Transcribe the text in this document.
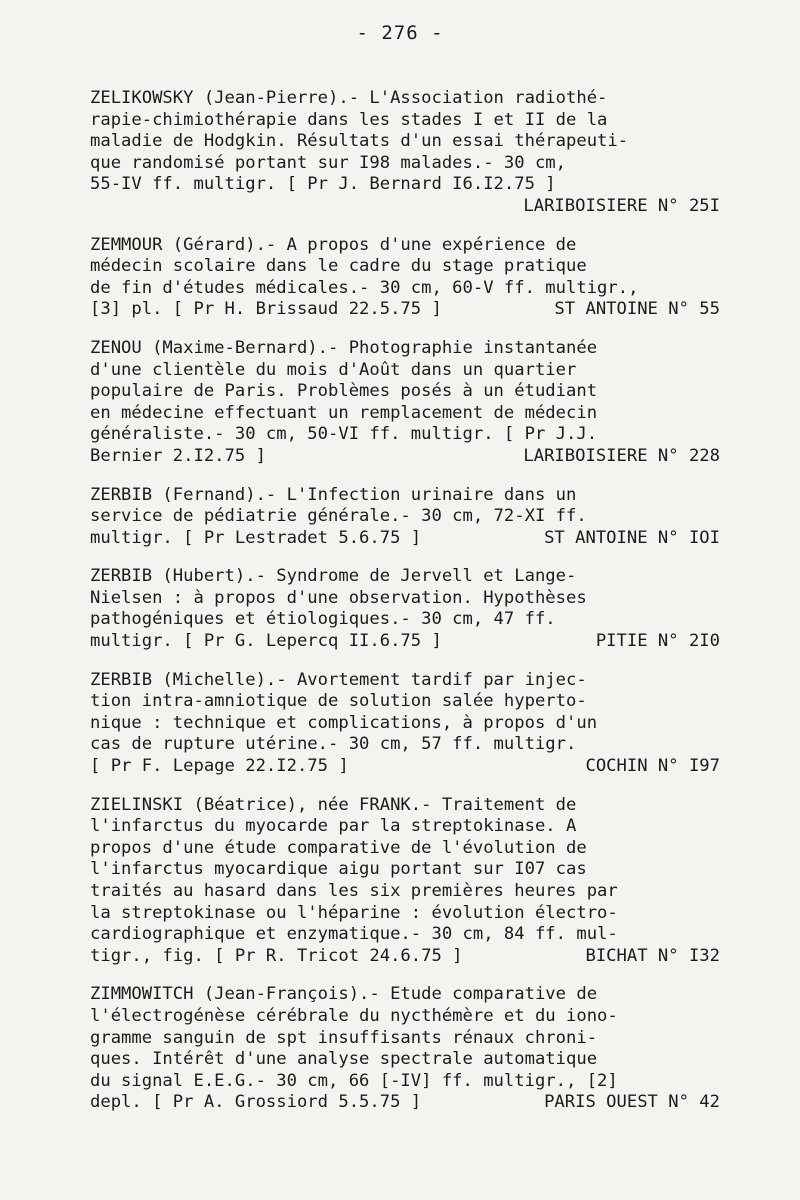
- 276 -
ZELIKOWSKY (Jean-Pierre).- L'Association radiothé-
rapie-chimiothérapie dans les stades I et II de la
maladie de Hodgkin. Résultats d'un essai thérapeuti-
que randomisé portant sur I98 malades.- 30 cm,
55-IV ff. multigr. [ Pr J. Bernard I6.I2.75 ]
LARIBOISIERE N° 25I
ZEMMOUR (Gérard).- A propos d'une expérience de
médecin scolaire dans le cadre du stage pratique
de fin d'études médicales.- 30 cm, 60-V ff. multigr.,
[3] pl. [ Pr H. Brissaud 22.5.75 ]	ST ANTOINE N° 55
ZENOU (Maxime-Bernard).- Photographie instantanée
d'une clientèle du mois d'Août dans un quartier
populaire de Paris. Problèmes posés à un étudiant
en médecine effectuant un remplacement de médecin
généraliste.- 30 cm, 50-VI ff. multigr. [ Pr J.J.
Bernier 2.I2.75 ]	LARIBOISIERE N° 228
ZERBIB (Fernand).- L'Infection urinaire dans un
service de pédiatrie générale.- 30 cm, 72-XI ff.
multigr. [ Pr Lestradet 5.6.75 ]	ST ANTOINE N° IOI
ZERBIB (Hubert).- Syndrome de Jervell et Lange-
Nielsen : à propos d'une observation. Hypothèses
pathogéniques et étiologiques.- 30 cm, 47 ff.
multigr. [ Pr G. Lepercq II.6.75 ]	PITIE N° 2I0
ZERBIB (Michelle).- Avortement tardif par injec-
tion intra-amniotique de solution salée hyperto-
nique : technique et complications, à propos d'un
cas de rupture utérine.- 30 cm, 57 ff. multigr.
[ Pr F. Lepage 22.I2.75 ]	COCHIN N° I97
ZIELINSKI (Béatrice), née FRANK.- Traitement de
l'infarctus du myocarde par la streptokinase. A
propos d'une étude comparative de l'évolution de
l'infarctus myocardique aigu portant sur I07 cas
traités au hasard dans les six premières heures par
la streptokinase ou l'héparine : évolution électro-
cardiographique et enzymatique.- 30 cm, 84 ff. mul-
tigr., fig. [ Pr R. Tricot 24.6.75 ]	BICHAT N° I32
ZIMMOWITCH (Jean-François).- Etude comparative de
l'électrogénèse cérébrale du nycthémère et du iono-
gramme sanguin de spt insuffisants rénaux chroni-
ques. Intérêt d'une analyse spectrale automatique
du signal E.E.G.- 30 cm, 66 [-IV] ff. multigr., [2]
depl. [ Pr A. Grossiord 5.5.75 ]	PARIS OUEST N° 42
